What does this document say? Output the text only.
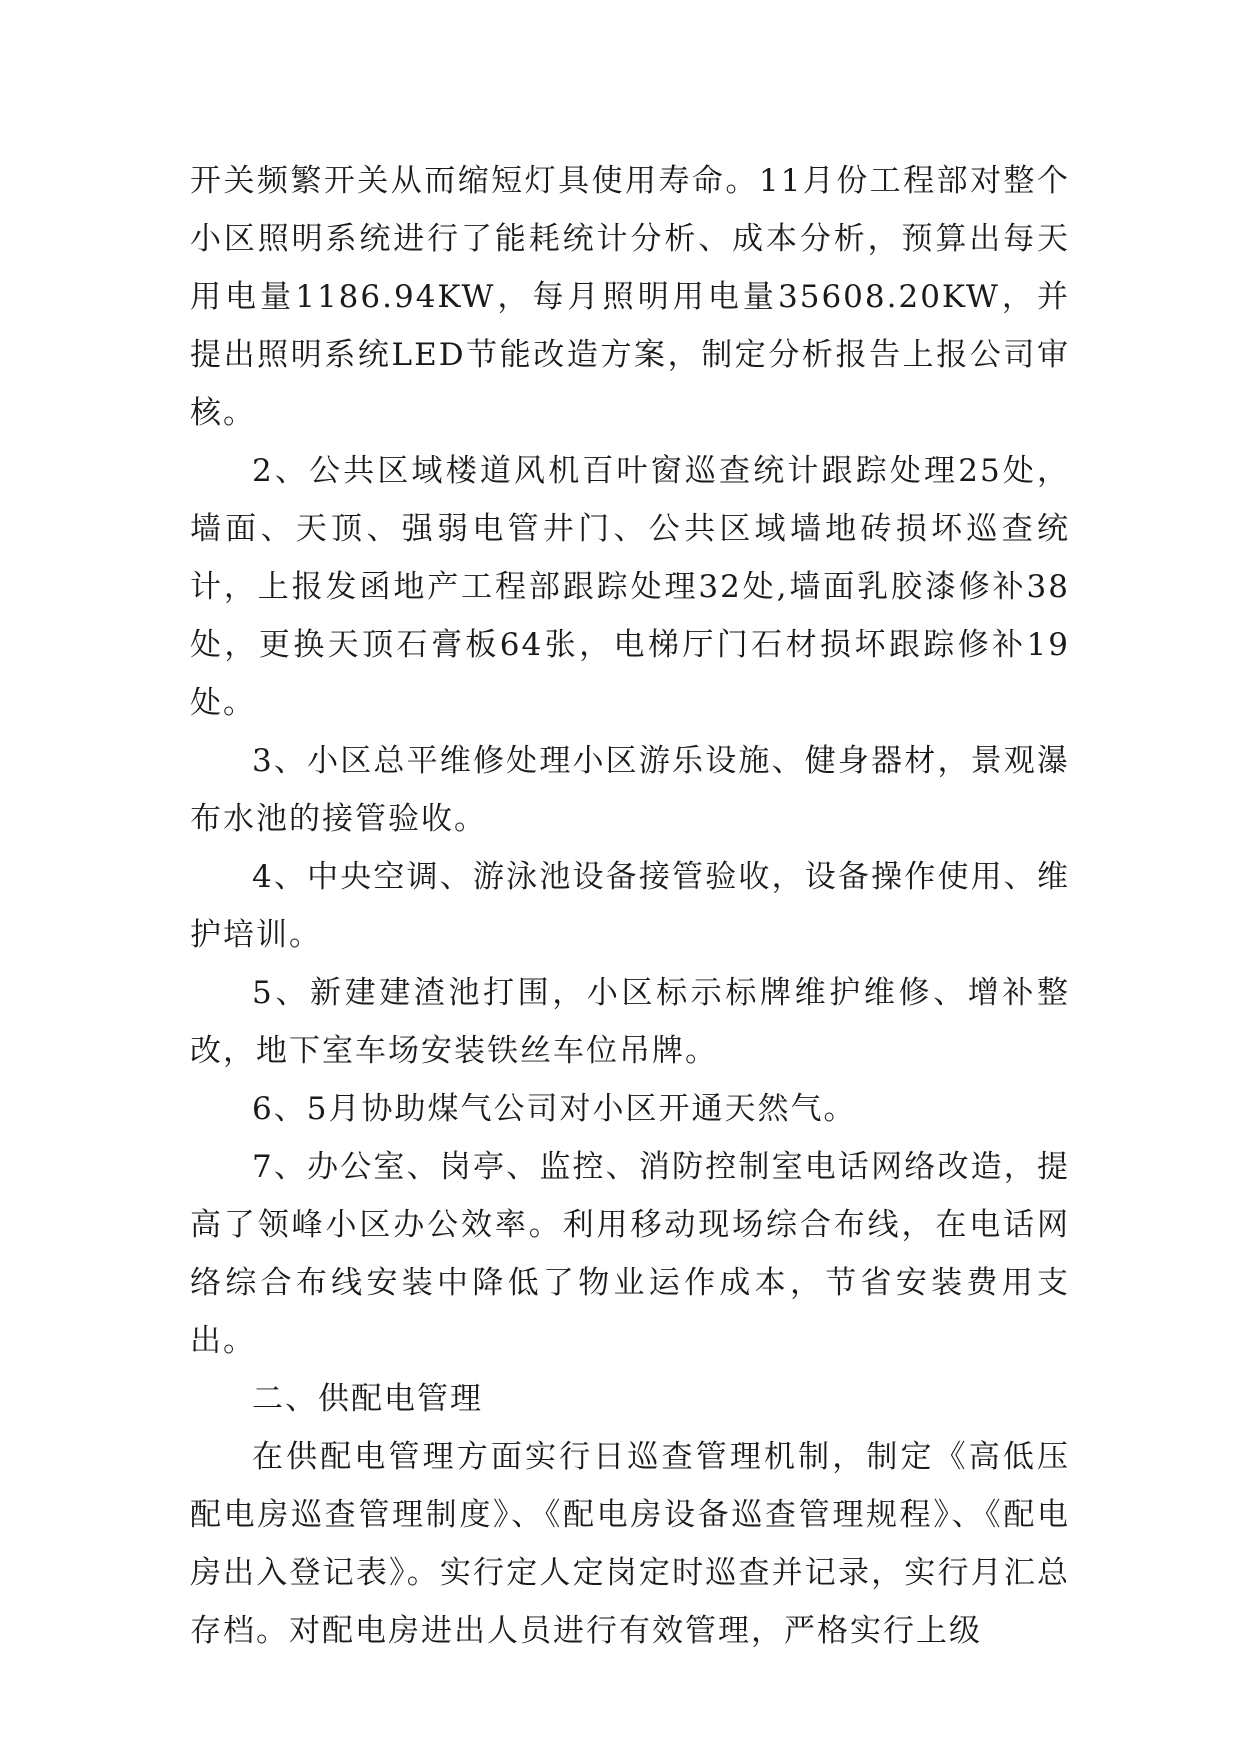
开关频繁开关从而缩短灯具使用寿命。11月份工程部对整个小区照明系统进行了能耗统计分析、成本分析，预算出每天用电量1186.94KW，每月照明用电量35608.20KW，并提出照明系统LED节能改造方案，制定分析报告上报公司审核。

2、公共区域楼道风机百叶窗巡查统计跟踪处理25处，墙面、天顶、强弱电管井门、公共区域墙地砖损坏巡查统计，上报发函地产工程部跟踪处理32处,墙面乳胶漆修补38处，更换天顶石膏板64张，电梯厅门石材损坏跟踪修补19处。

3、小区总平维修处理小区游乐设施、健身器材，景观瀑布水池的接管验收。

4、中央空调、游泳池设备接管验收，设备操作使用、维护培训。

5、新建建渣池打围，小区标示标牌维护维修、增补整改，地下室车场安装铁丝车位吊牌。

6、5月协助煤气公司对小区开通天然气。

7、办公室、岗亭、监控、消防控制室电话网络改造，提高了领峰小区办公效率。利用移动现场综合布线，在电话网络综合布线安装中降低了物业运作成本，节省安装费用支出。

二、供配电管理

在供配电管理方面实行日巡查管理机制，制定《高低压配电房巡查管理制度》、《配电房设备巡查管理规程》、《配电房出入登记表》。实行定人定岗定时巡查并记录，实行月汇总存档。对配电房进出人员进行有效管理，严格实行上级
